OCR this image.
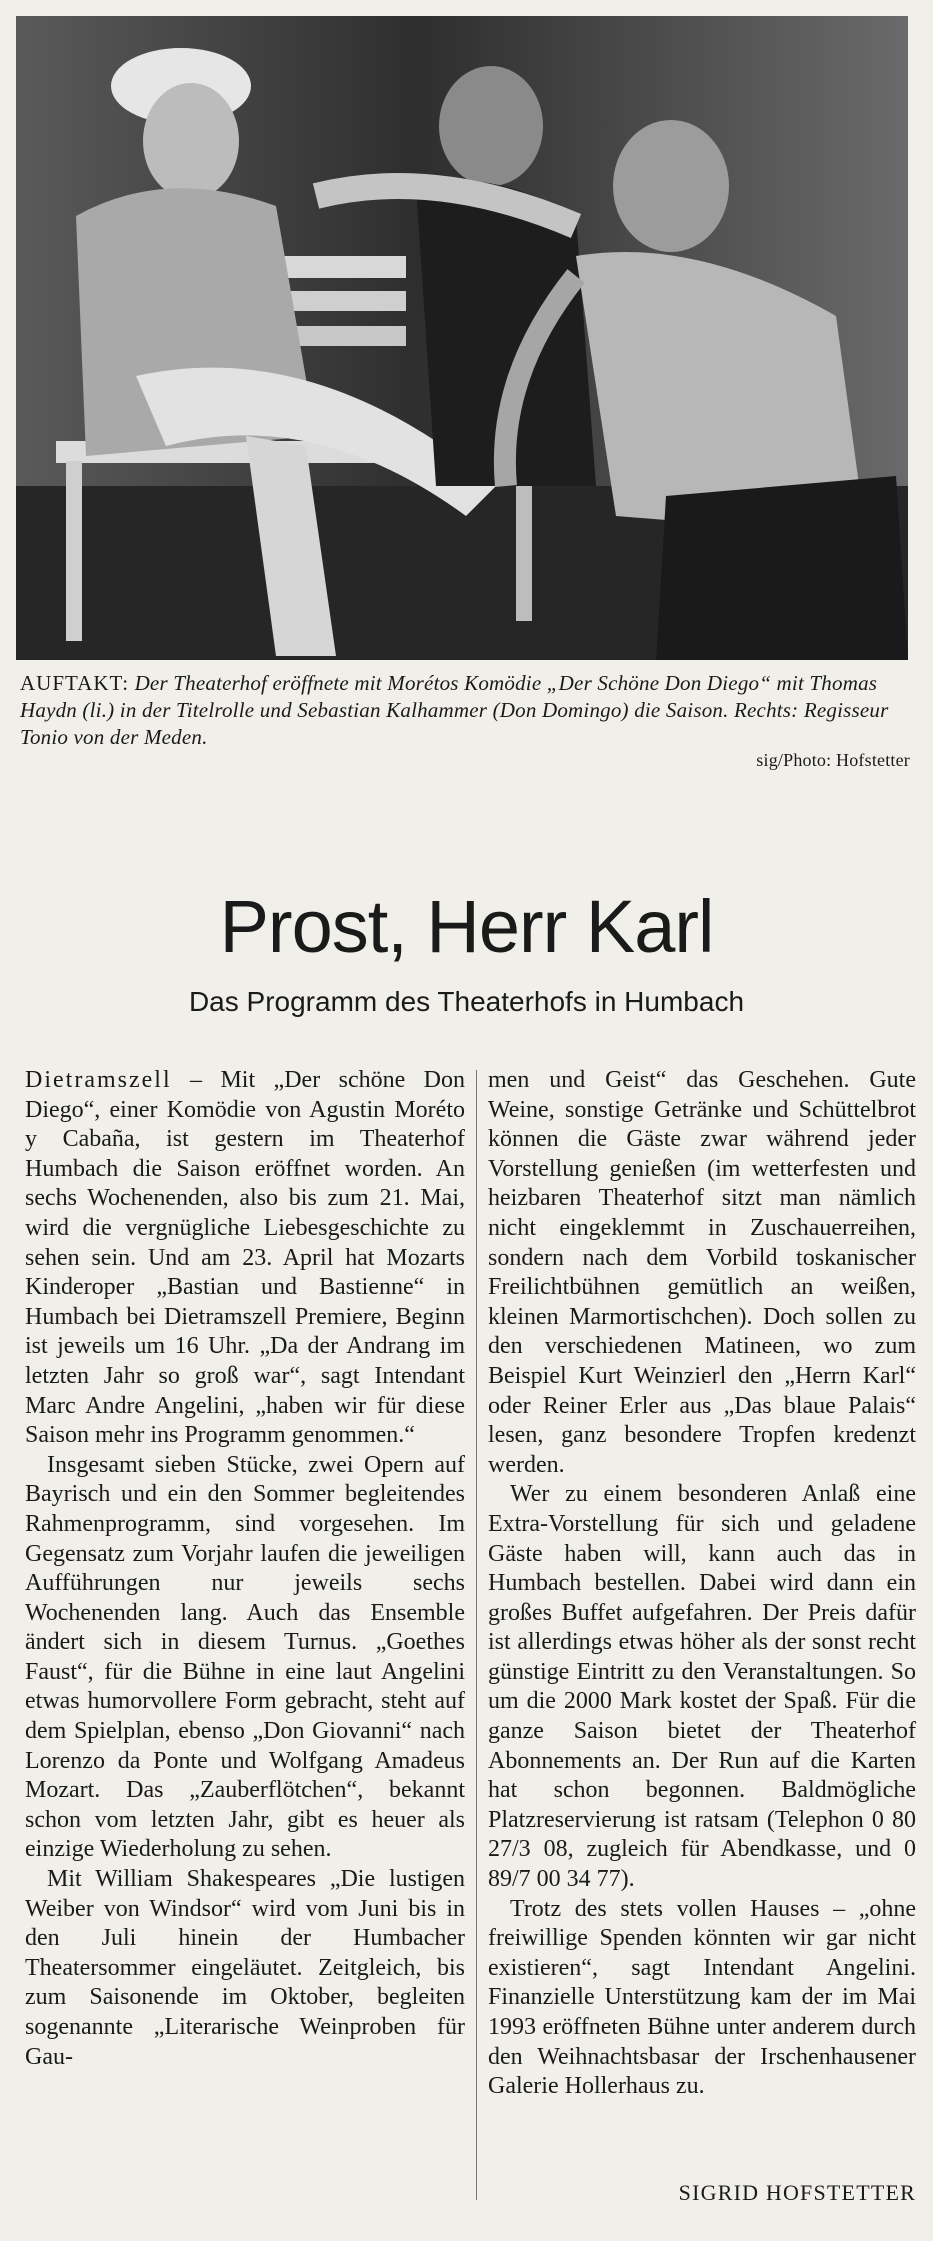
AUFTAKT: Der Theaterhof eröffnete mit Morétos Komödie „Der Schöne Don Diego“ mit Thomas Haydn (li.) in der Titelrolle und Sebastian Kalhammer (Don Domingo) die Saison. Rechts: Regisseur Tonio von der Meden.
sig/Photo: Hofstetter
Prost, Herr Karl
Das Programm des Theaterhofs in Humbach

Dietramszell – Mit „Der schöne Don Diego“, einer Komödie von Agustin Moréto y Cabaña, ist gestern im Theaterhof Humbach die Saison eröffnet worden. An sechs Wochenenden, also bis zum 21. Mai, wird die vergnügliche Liebesgeschichte zu sehen sein. Und am 23. April hat Mozarts Kinderoper „Bastian und Bastienne“ in Humbach bei Dietramszell Premiere, Beginn ist jeweils um 16 Uhr. „Da der Andrang im letzten Jahr so groß war“, sagt Intendant Marc Andre Angelini, „haben wir für diese Saison mehr ins Programm genommen.“

Insgesamt sieben Stücke, zwei Opern auf Bayrisch und ein den Sommer begleitendes Rahmenprogramm, sind vorgesehen. Im Gegensatz zum Vorjahr laufen die jeweiligen Aufführungen nur jeweils sechs Wochenenden lang. Auch das Ensemble ändert sich in diesem Turnus. „Goethes Faust“, für die Bühne in eine laut Angelini etwas humorvollere Form gebracht, steht auf dem Spielplan, ebenso „Don Giovanni“ nach Lorenzo da Ponte und Wolfgang Amadeus Mozart. Das „Zauberflötchen“, bekannt schon vom letzten Jahr, gibt es heuer als einzige Wiederholung zu sehen.

Mit William Shakespeares „Die lustigen Weiber von Windsor“ wird vom Juni bis in den Juli hinein der Humbacher Theatersommer eingeläutet. Zeitgleich, bis zum Saisonende im Oktober, begleiten sogenannte „Literarische Weinproben für Gau-

men und Geist“ das Geschehen. Gute Weine, sonstige Getränke und Schüttelbrot können die Gäste zwar während jeder Vorstellung genießen (im wetterfesten und heizbaren Theaterhof sitzt man nämlich nicht eingeklemmt in Zuschauerreihen, sondern nach dem Vorbild toskanischer Freilichtbühnen gemütlich an weißen, kleinen Marmortischchen). Doch sollen zu den verschiedenen Matineen, wo zum Beispiel Kurt Weinzierl den „Herrn Karl“ oder Reiner Erler aus „Das blaue Palais“ lesen, ganz besondere Tropfen kredenzt werden.

Wer zu einem besonderen Anlaß eine Extra-Vorstellung für sich und geladene Gäste haben will, kann auch das in Humbach bestellen. Dabei wird dann ein großes Buffet aufgefahren. Der Preis dafür ist allerdings etwas höher als der sonst recht günstige Eintritt zu den Veranstaltungen. So um die 2000 Mark kostet der Spaß. Für die ganze Saison bietet der Theaterhof Abonnements an. Der Run auf die Karten hat schon begonnen. Baldmögliche Platzreservierung ist ratsam (Telephon 0 80 27/3 08, zugleich für Abendkasse, und 0 89/7 00 34 77).

Trotz des stets vollen Hauses – „ohne freiwillige Spenden könnten wir gar nicht existieren“, sagt Intendant Angelini. Finanzielle Unterstützung kam der im Mai 1993 eröffneten Bühne unter anderem durch den Weihnachtsbasar der Irschenhausener Galerie Hollerhaus zu.

SIGRID HOFSTETTER
